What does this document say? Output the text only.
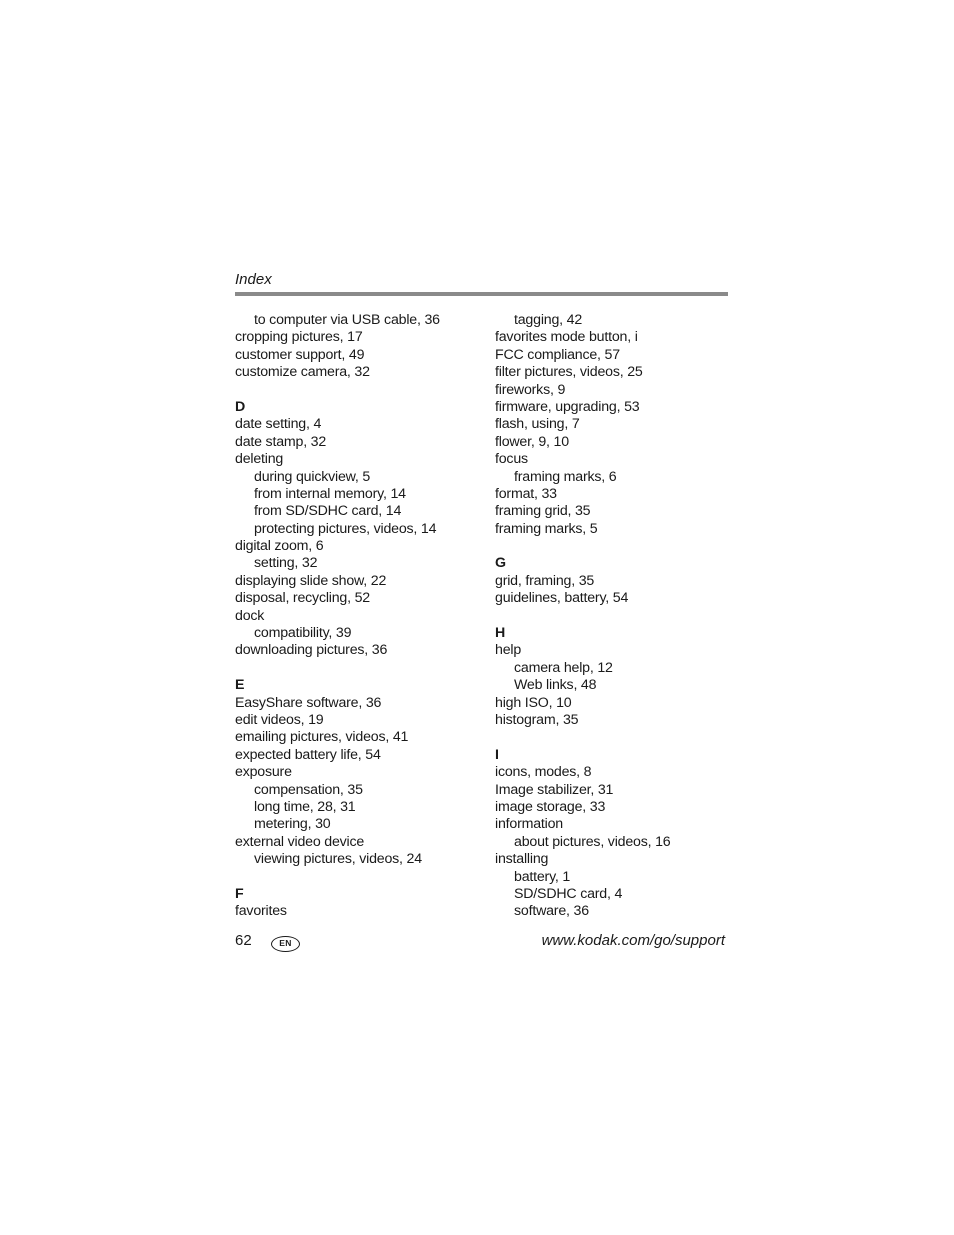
Index
to computer via USB cable, 36
cropping pictures, 17
customer support, 49
customize camera, 32
D
date setting, 4
date stamp, 32
deleting
during quickview, 5
from internal memory, 14
from SD/SDHC card, 14
protecting pictures, videos, 14
digital zoom, 6
setting, 32
displaying slide show, 22
disposal, recycling, 52
dock
compatibility, 39
downloading pictures, 36
E
EasyShare software, 36
edit videos, 19
emailing pictures, videos, 41
expected battery life, 54
exposure
compensation, 35
long time, 28, 31
metering, 30
external video device
viewing pictures, videos, 24
F
favorites
tagging, 42
favorites mode button, i
FCC compliance, 57
filter pictures, videos, 25
fireworks, 9
firmware, upgrading, 53
flash, using, 7
flower, 9, 10
focus
framing marks, 6
format, 33
framing grid, 35
framing marks, 5
G
grid, framing, 35
guidelines, battery, 54
H
help
camera help, 12
Web links, 48
high ISO, 10
histogram, 35
I
icons, modes, 8
Image stabilizer, 31
image storage, 33
information
about pictures, videos, 16
installing
battery, 1
SD/SDHC card, 4
software, 36
62	EN	www.kodak.com/go/support
